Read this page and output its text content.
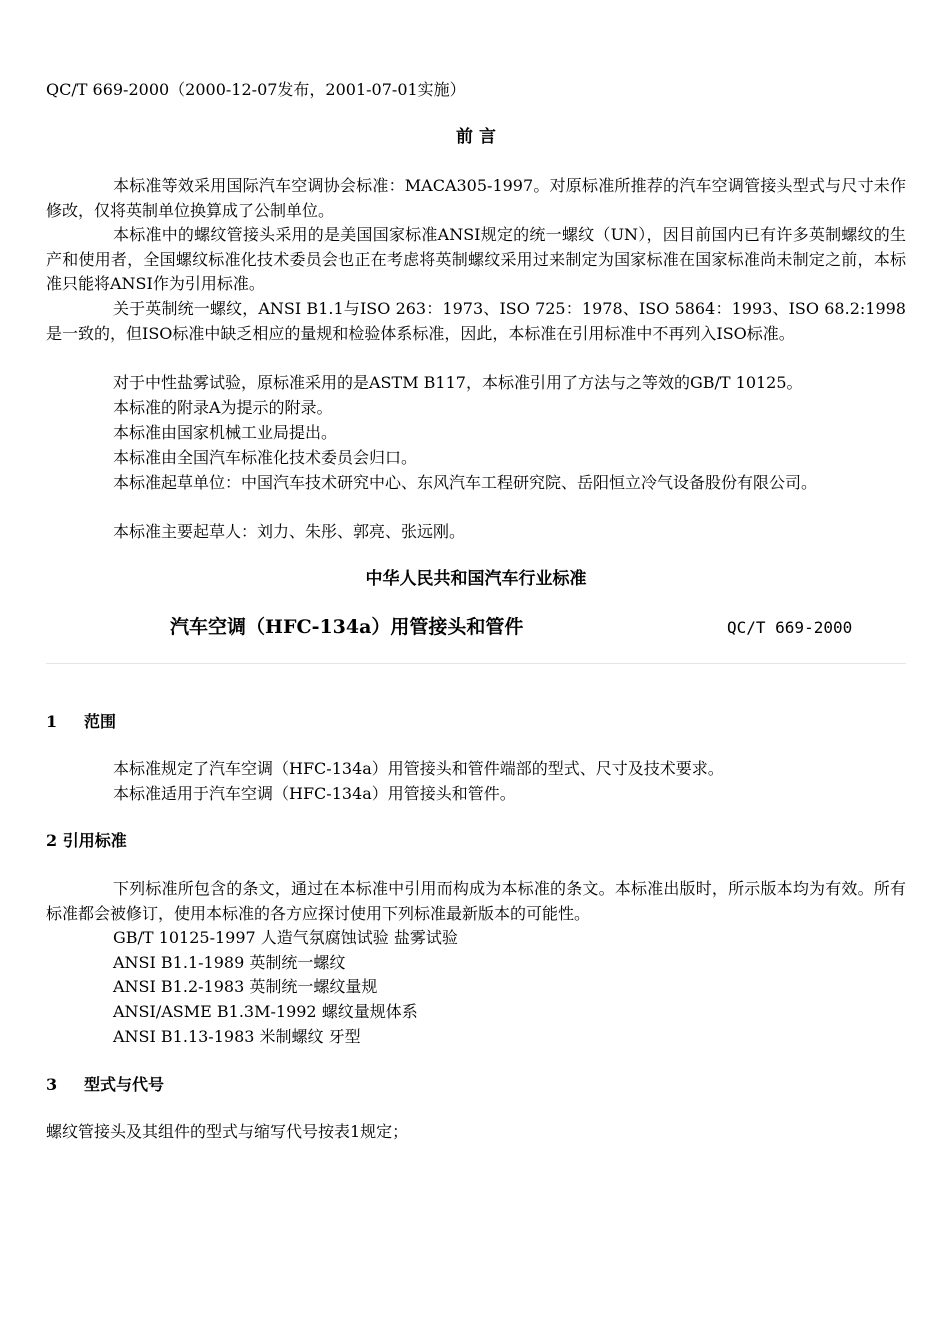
QC/T 669-2000（2000-12-07发布，2001-07-01实施）
前 言
本标准等效采用国际汽车空调协会标准：MACA305-1997。对原标准所推荐的汽车空调管接头型式与尺寸未作修改，仅将英制单位换算成了公制单位。
本标准中的螺纹管接头采用的是美国国家标准ANSI规定的统一螺纹（UN），因目前国内已有许多英制螺纹的生产和使用者，全国螺纹标准化技术委员会也正在考虑将英制螺纹采用过来制定为国家标准在国家标准尚未制定之前，本标准只能将ANSI作为引用标准。
关于英制统一螺纹，ANSI B1.1与ISO 263：1973、ISO 725：1978、ISO 5864：1993、ISO 68.2:1998是一致的，但ISO标准中缺乏相应的量规和检验体系标准，因此，本标准在引用标准中不再列入ISO标准。
对于中性盐雾试验，原标准采用的是ASTM B117，本标准引用了方法与之等效的GB/T 10125。
本标准的附录A为提示的附录。
本标准由国家机械工业局提出。
本标准由全国汽车标准化技术委员会归口。
本标准起草单位：中国汽车技术研究中心、东风汽车工程研究院、岳阳恒立冷气设备股份有限公司。
本标准主要起草人：刘力、朱彤、郭亮、张远刚。
中华人民共和国汽车行业标准
汽车空调（HFC-134a）用管接头和管件	QC/T 669-2000
1 范围
本标准规定了汽车空调（HFC-134a）用管接头和管件端部的型式、尺寸及技术要求。
本标准适用于汽车空调（HFC-134a）用管接头和管件。
2 引用标准
下列标准所包含的条文，通过在本标准中引用而构成为本标准的条文。本标准出版时，所示版本均为有效。所有标准都会被修订，使用本标准的各方应探讨使用下列标准最新版本的可能性。
GB/T 10125-1997 人造气氛腐蚀试验 盐雾试验
ANSI B1.1-1989 英制统一螺纹
ANSI B1.2-1983 英制统一螺纹量规
ANSI/ASME B1.3M-1992 螺纹量规体系
ANSI B1.13-1983 米制螺纹 牙型
3 型式与代号
螺纹管接头及其组件的型式与缩写代号按表1规定；
